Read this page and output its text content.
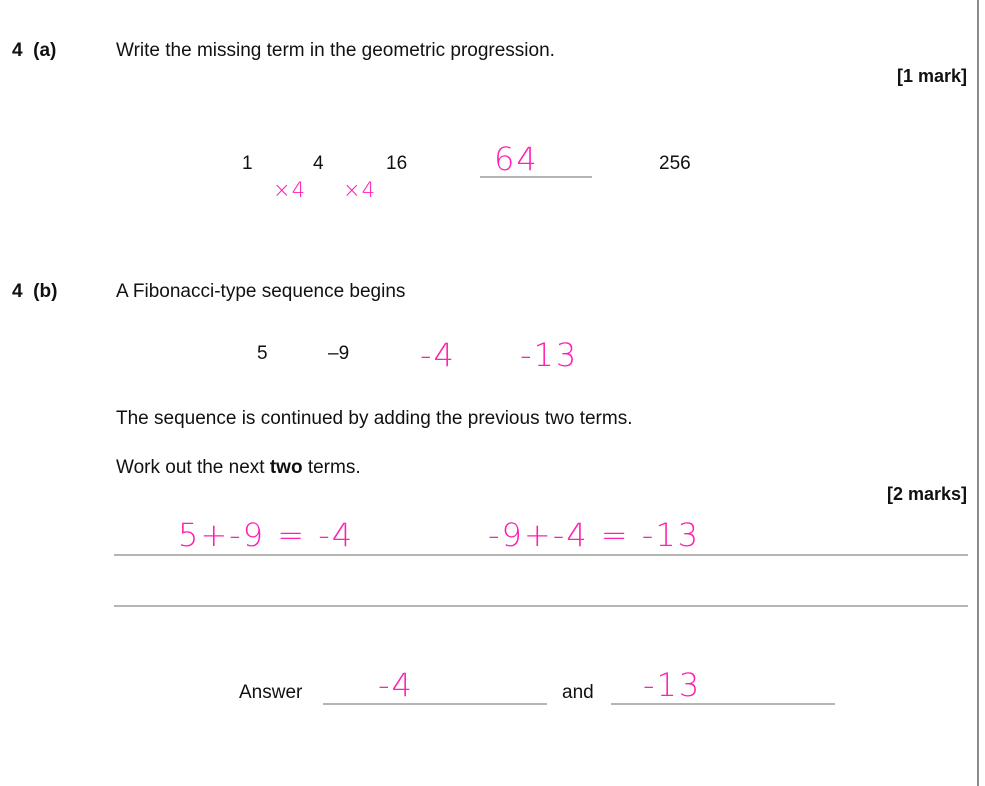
4 (a)	Write the missing term in the geometric progression.
[1 mark]
1	4	16	64	256
×4 ×4
4 (b)	A Fibonacci-type sequence begins
5	–9 -4 -13
The sequence is continued by adding the previous two terms.
Work out the next two terms.
[2 marks]
5+-9 = -4	-9+-4 = -13
Answer -4	and -13
